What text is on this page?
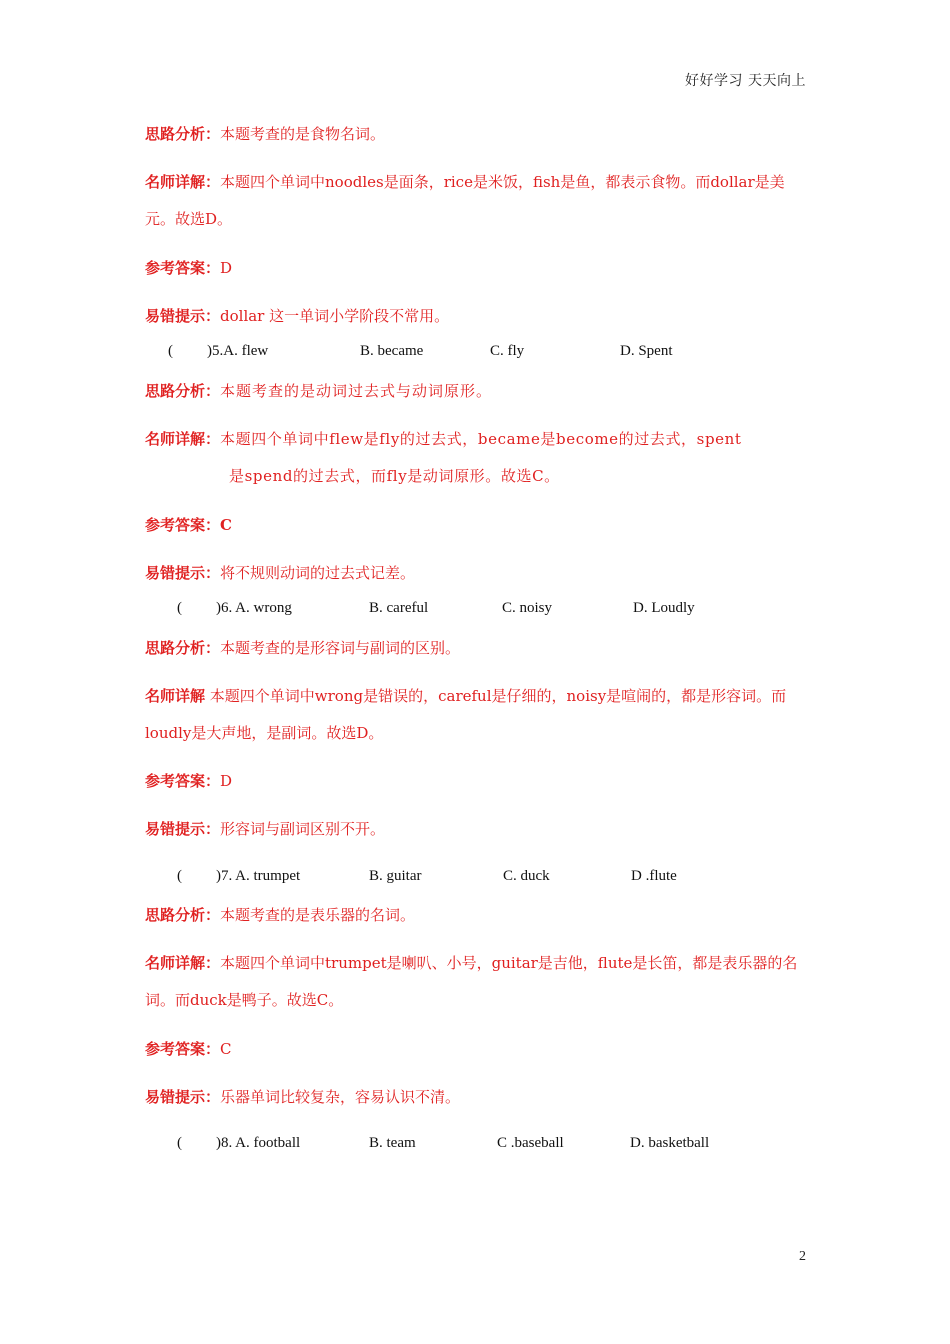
好好学习 天天向上
思路分析：本题考查的是食物名词。
名师详解：本题四个单词中noodles是面条，rice是米饭，fish是鱼，都表示食物。而dollar是美元。故选D。
参考答案：D
易错提示：dollar 这一单词小学阶段不常用。
( )5.A. flew	B. became	C. fly	D. Spent
思路分析：本题考查的是动词过去式与动词原形。
名师详解：本题四个单词中flew是fly的过去式，became是become的过去式，spent
是spend的过去式，而fly是动词原形。故选C。
参考答案：C
易错提示：将不规则动词的过去式记差。
( )6. A. wrong	B. careful	C. noisy	D. Loudly
思路分析：本题考查的是形容词与副词的区别。
名师详解 本题四个单词中wrong是错误的，careful是仔细的，noisy是喧闹的，都是形容词。而loudly是大声地，是副词。故选D。
参考答案：D
易错提示：形容词与副词区别不开。
( )7. A. trumpet	B. guitar	C. duck	D .flute
思路分析：本题考查的是表乐器的名词。
名师详解：本题四个单词中trumpet是喇叭、小号，guitar是吉他，flute是长笛，都是表乐器的名词。而duck是鸭子。故选C。
参考答案：C
易错提示：乐器单词比较复杂，容易认识不清。
( )8. A. football	B. team	C .baseball	D. basketball
2
